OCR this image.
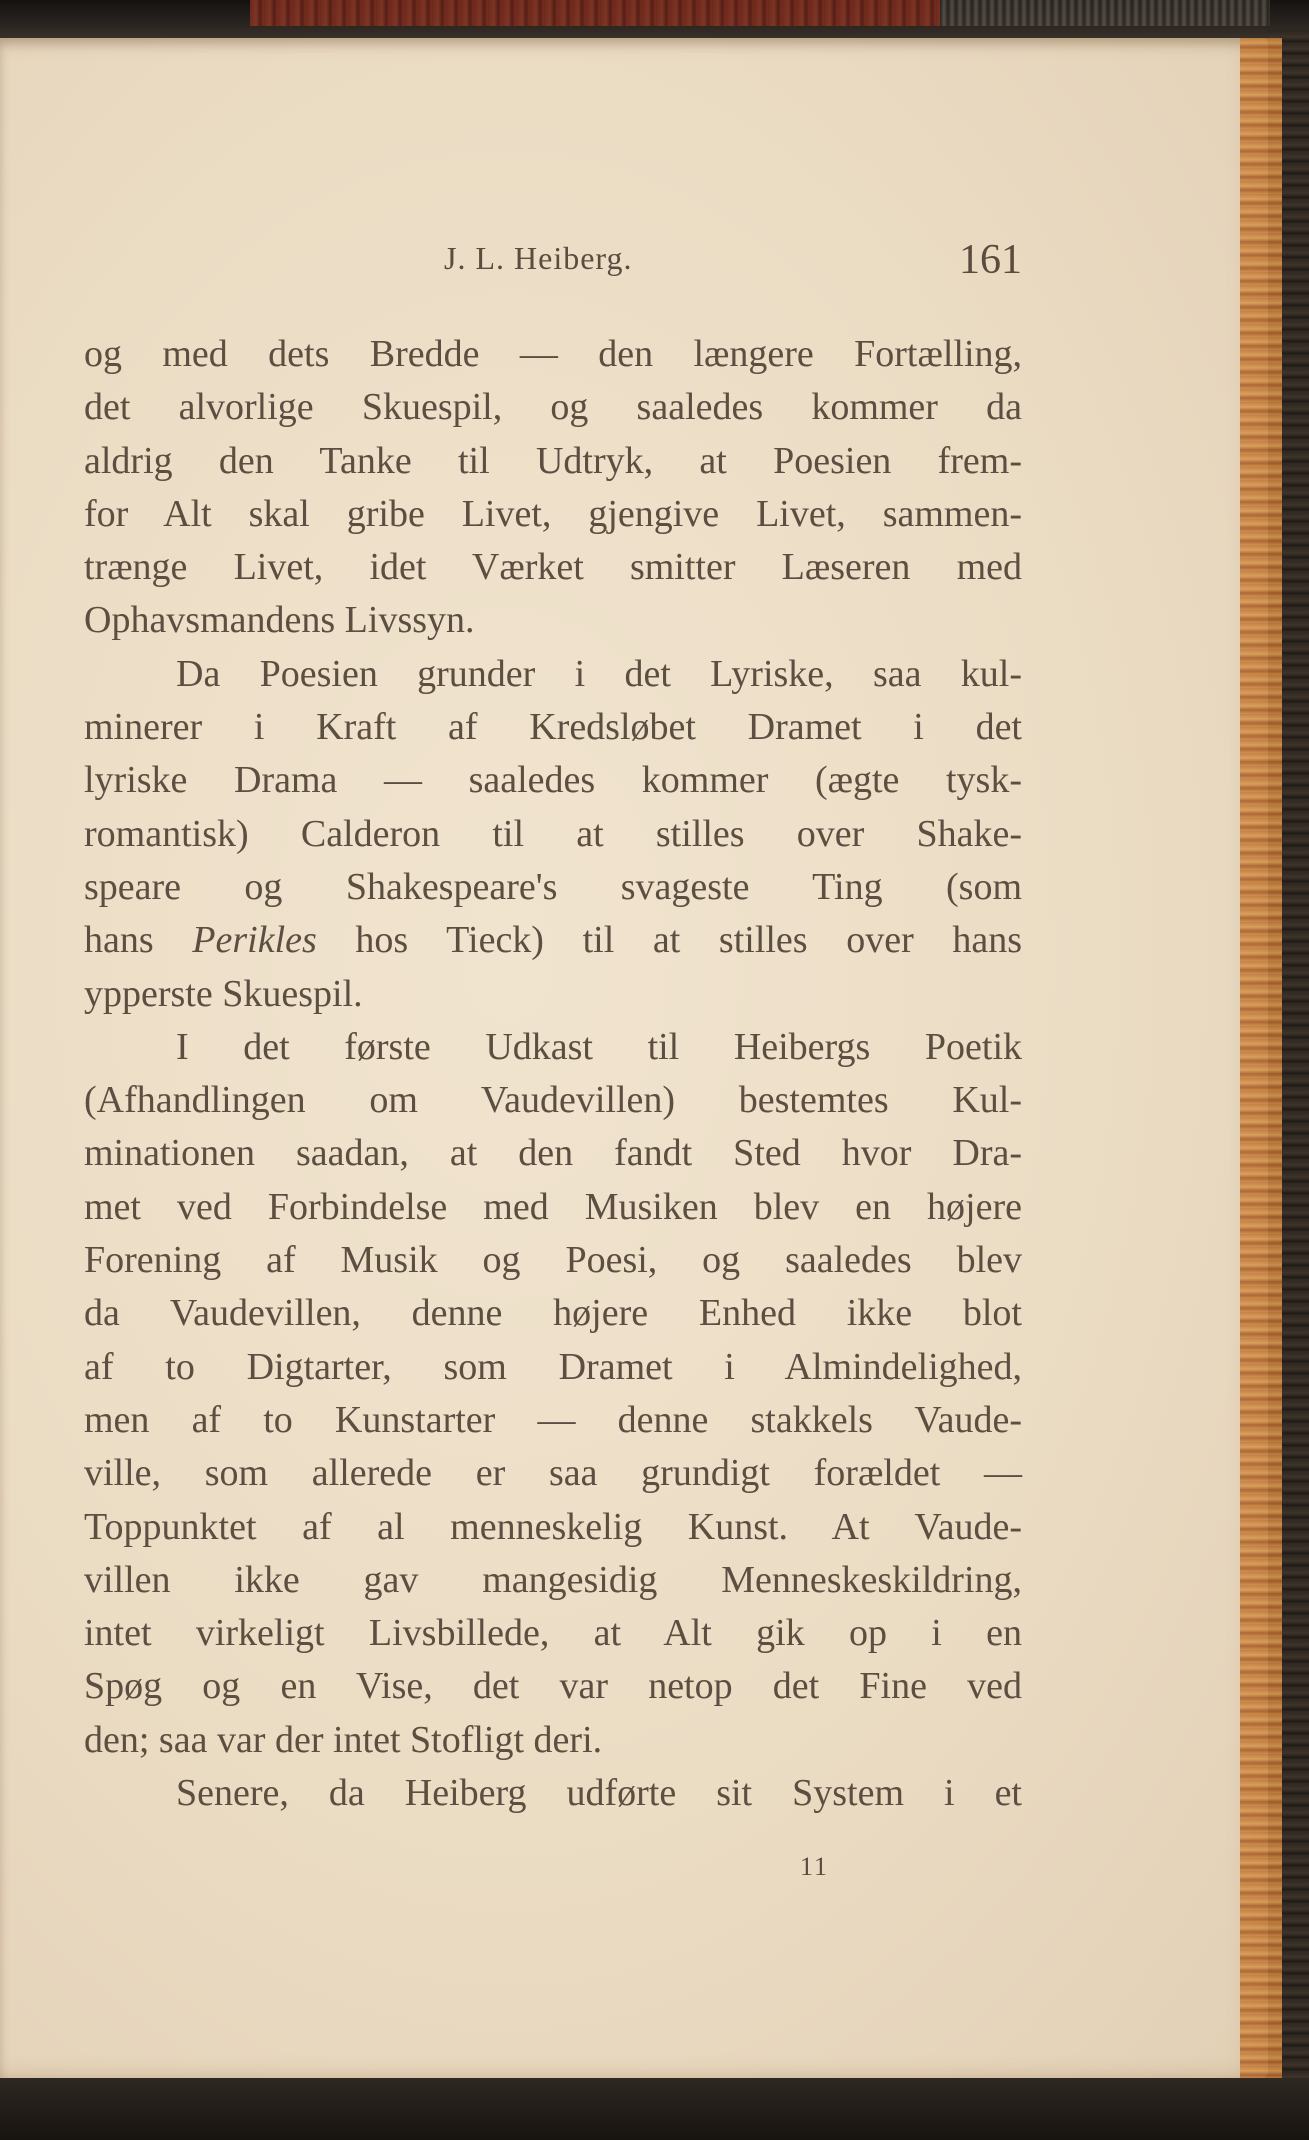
J. L. Heiberg.	161
og med dets Bredde — den længere Fortælling,
det alvorlige Skuespil, og saaledes kommer da
aldrig den Tanke til Udtryk, at Poesien frem-
for Alt skal gribe Livet, gjengive Livet, sammen-
trænge Livet, idet Værket smitter Læseren med
Ophavsmandens Livssyn.
Da Poesien grunder i det Lyriske, saa kul-
minerer i Kraft af Kredsløbet Dramet i det
lyriske Drama — saaledes kommer (ægte tysk-
romantisk) Calderon til at stilles over Shake-
speare og Shakespeare's svageste Ting (som
hans Perikles hos Tieck) til at stilles over hans
ypperste Skuespil.
I det første Udkast til Heibergs Poetik
(Afhandlingen om Vaudevillen) bestemtes Kul-
minationen saadan, at den fandt Sted hvor Dra-
met ved Forbindelse med Musiken blev en højere
Forening af Musik og Poesi, og saaledes blev
da Vaudevillen, denne højere Enhed ikke blot
af to Digtarter, som Dramet i Almindelighed,
men af to Kunstarter — denne stakkels Vaude-
ville, som allerede er saa grundigt forældet —
Toppunktet af al menneskelig Kunst. At Vaude-
villen ikke gav mangesidig Menneskeskildring,
intet virkeligt Livsbillede, at Alt gik op i en
Spøg og en Vise, det var netop det Fine ved
den; saa var der intet Stofligt deri.
Senere, da Heiberg udførte sit System i et
11
